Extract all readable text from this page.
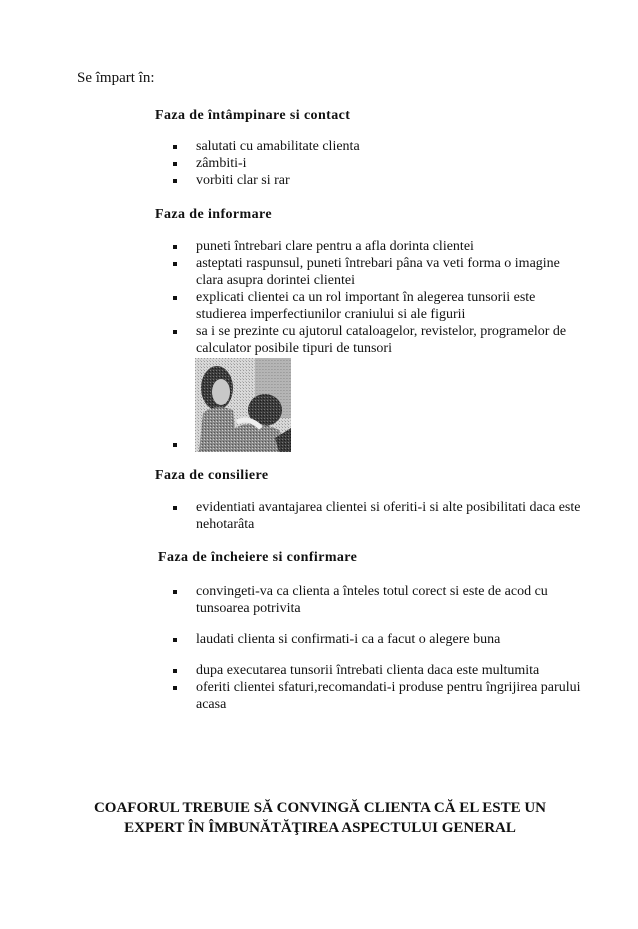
Se împart în:
Faza de întâmpinare si contact
salutati cu amabilitate clienta
zâmbiti-i
vorbiti clar si rar
Faza de informare
puneti întrebari clare pentru a afla dorinta clientei
asteptati raspunsul, puneti întrebari pâna va veti forma o imagine clara asupra dorintei clientei
explicati clientei ca un rol important în alegerea tunsorii este studierea imperfectiunilor craniului si ale figurii
sa i se prezinte cu ajutorul cataloagelor, revistelor, programelor de calculator posibile tipuri de tunsori
Faza de consiliere
evidentiati avantajarea clientei si oferiti-i si alte posibilitati daca este nehotarâta
Faza de încheiere si confirmare
convingeti-va ca clienta a înteles totul corect si este de acod cu tunsoarea potrivita
laudati clienta si confirmati-i ca a facut o alegere buna
dupa executarea tunsorii întrebati clienta daca este multumita
oferiti clientei sfaturi,recomandati-i produse pentru îngrijirea parului acasa
COAFORUL TREBUIE SĂ CONVINGĂ CLIENTA CĂ EL ESTE UN
EXPERT ÎN ÎMBUNĂTĂŢIREA ASPECTULUI GENERAL
